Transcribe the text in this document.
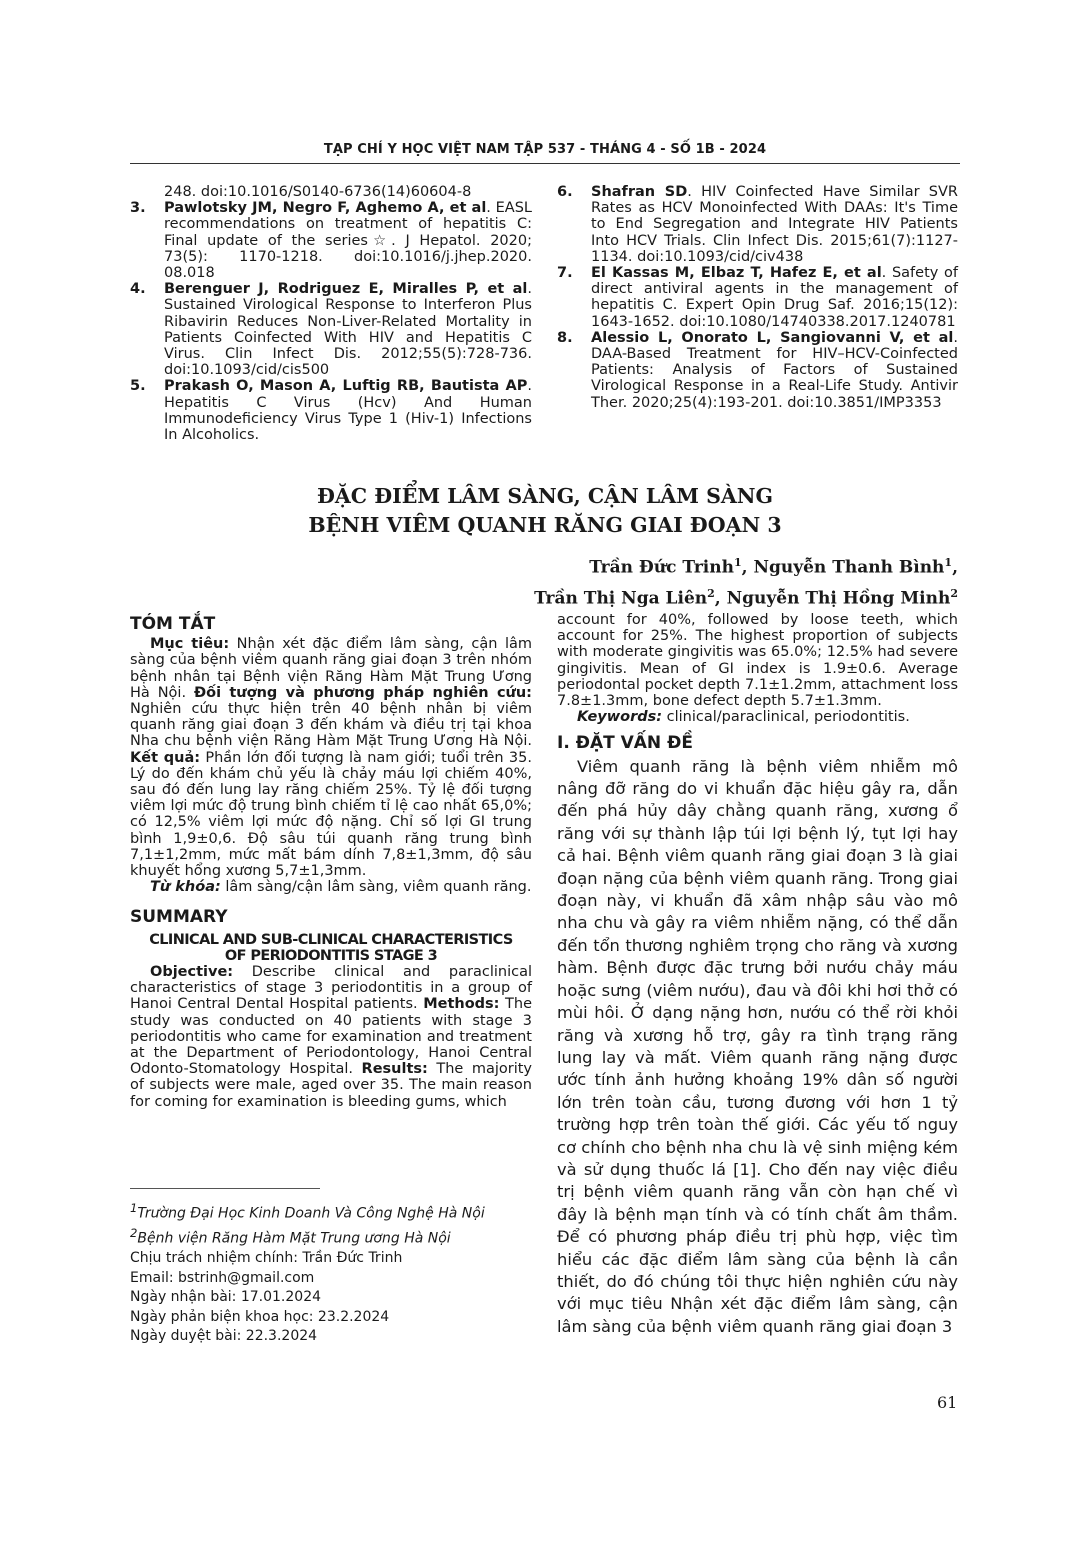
TẠP CHÍ Y HỌC VIỆT NAM TẬP 537 - THÁNG 4 - SỐ 1B - 2024
248. doi:10.1016/S0140-6736(14)60604-8
3.	Pawlotsky JM, Negro F, Aghemo A, et al. EASL recommendations on treatment of hepatitis C: Final update of the series☆. J Hepatol. 2020; 73(5): 1170-1218. doi:10.1016/j.jhep.2020. 08.018
4.	Berenguer J, Rodriguez E, Miralles P, et al. Sustained Virological Response to Interferon Plus Ribavirin Reduces Non-Liver-Related Mortality in Patients Coinfected With HIV and Hepatitis C Virus. Clin Infect Dis. 2012;55(5):728-736. doi:10.1093/cid/cis500
5.	Prakash O, Mason A, Luftig RB, Bautista AP. Hepatitis C Virus (Hcv) And Human Immunodeficiency Virus Type 1 (Hiv-1) Infections In Alcoholics.
6.	Shafran SD. HIV Coinfected Have Similar SVR Rates as HCV Monoinfected With DAAs: It's Time to End Segregation and Integrate HIV Patients Into HCV Trials. Clin Infect Dis. 2015;61(7):1127-1134. doi:10.1093/cid/civ438
7.	El Kassas M, Elbaz T, Hafez E, et al. Safety of direct antiviral agents in the management of hepatitis C. Expert Opin Drug Saf. 2016;15(12): 1643-1652. doi:10.1080/14740338.2017.1240781
8.	Alessio L, Onorato L, Sangiovanni V, et al. DAA-Based Treatment for HIV–HCV-Coinfected Patients: Analysis of Factors of Sustained Virological Response in a Real-Life Study. Antivir Ther. 2020;25(4):193-201. doi:10.3851/IMP3353
ĐẶC ĐIỂM LÂM SÀNG, CẬN LÂM SÀNG
BỆNH VIÊM QUANH RĂNG GIAI ĐOẠN 3
Trần Đức Trinh$^1$, Nguyễn Thanh Bình$^1$,
Trần Thị Nga Liên$^2$, Nguyễn Thị Hồng Minh$^2$
TÓM TẮT

Mục tiêu: Nhận xét đặc điểm lâm sàng, cận lâm sàng của bệnh viêm quanh răng giai đoạn 3 trên nhóm bệnh nhân tại Bệnh viện Răng Hàm Mặt Trung Ương Hà Nội. Đối tượng và phương pháp nghiên cứu: Nghiên cứu thực hiện trên 40 bệnh nhân bị viêm quanh răng giai đoạn 3 đến khám và điều trị tại khoa Nha chu bệnh viện Răng Hàm Mặt Trung Ương Hà Nội. Kết quả: Phần lớn đối tượng là nam giới; tuổi trên 35. Lý do đến khám chủ yếu là chảy máu lợi chiếm 40%, sau đó đến lung lay răng chiếm 25%. Tỷ lệ đối tượng viêm lợi mức độ trung bình chiếm tỉ lệ cao nhất 65,0%; có 12,5% viêm lợi mức độ nặng. Chỉ số lợi GI trung bình 1,9±0,6. Độ sâu túi quanh răng trung bình 7,1±1,2mm, mức mất bám dính 7,8±1,3mm, độ sâu khuyết hổng xương 5,7±1,3mm.

Từ khóa: lâm sàng/cận lâm sàng, viêm quanh răng.

SUMMARY
CLINICAL AND SUB-CLINICAL CHARACTERISTICS
OF PERIODONTITIS STAGE 3

Objective: Describe clinical and paraclinical characteristics of stage 3 periodontitis in a group of Hanoi Central Dental Hospital patients. Methods: The study was conducted on 40 patients with stage 3 periodontitis who came for examination and treatment at the Department of Periodontology, Hanoi Central Odonto-Stomatology Hospital. Results: The majority of subjects were male, aged over 35. The main reason for coming for examination is bleeding gums, which

$^1$Trường Đại Học Kinh Doanh Và Công Nghệ Hà Nội
$^2$Bệnh viện Răng Hàm Mặt Trung ương Hà Nội
Chịu trách nhiệm chính: Trần Đức Trinh
Email: bstrinh@gmail.com
Ngày nhận bài: 17.01.2024
Ngày phản biện khoa học: 23.2.2024
Ngày duyệt bài: 22.3.2024

account for 40%, followed by loose teeth, which account for 25%. The highest proportion of subjects with moderate gingivitis was 65.0%; 12.5% had severe gingivitis. Mean of GI index is 1.9±0.6. Average periodontal pocket depth 7.1±1.2mm, attachment loss 7.8±1.3mm, bone defect depth 5.7±1.3mm.

Keywords: clinical/paraclinical, periodontitis.

I. ĐẶT VẤN ĐỀ

Viêm quanh răng là bệnh viêm nhiễm mô nâng đỡ răng do vi khuẩn đặc hiệu gây ra, dẫn đến phá hủy dây chằng quanh răng, xương ổ răng với sự thành lập túi lợi bệnh lý, tụt lợi hay cả hai. Bệnh viêm quanh răng giai đoạn 3 là giai đoạn nặng của bệnh viêm quanh răng. Trong giai đoạn này, vi khuẩn đã xâm nhập sâu vào mô nha chu và gây ra viêm nhiễm nặng, có thể dẫn đến tổn thương nghiêm trọng cho răng và xương hàm. Bệnh được đặc trưng bởi nướu chảy máu hoặc sưng (viêm nướu), đau và đôi khi hơi thở có mùi hôi. Ở dạng nặng hơn, nướu có thể rời khỏi răng và xương hỗ trợ, gây ra tình trạng răng lung lay và mất. Viêm quanh răng nặng được ước tính ảnh hưởng khoảng 19% dân số người lớn trên toàn cầu, tương đương với hơn 1 tỷ trường hợp trên toàn thế giới. Các yếu tố nguy cơ chính cho bệnh nha chu là vệ sinh miệng kém và sử dụng thuốc lá [1]. Cho đến nay việc điều trị bệnh viêm quanh răng vẫn còn hạn chế vì đây là bệnh mạn tính và có tính chất âm thầm. Để có phương pháp điều trị phù hợp, việc tìm hiểu các đặc điểm lâm sàng của bệnh là cần thiết, do đó chúng tôi thực hiện nghiên cứu này với mục tiêu Nhận xét đặc điểm lâm sàng, cận lâm sàng của bệnh viêm quanh răng giai đoạn 3

61
